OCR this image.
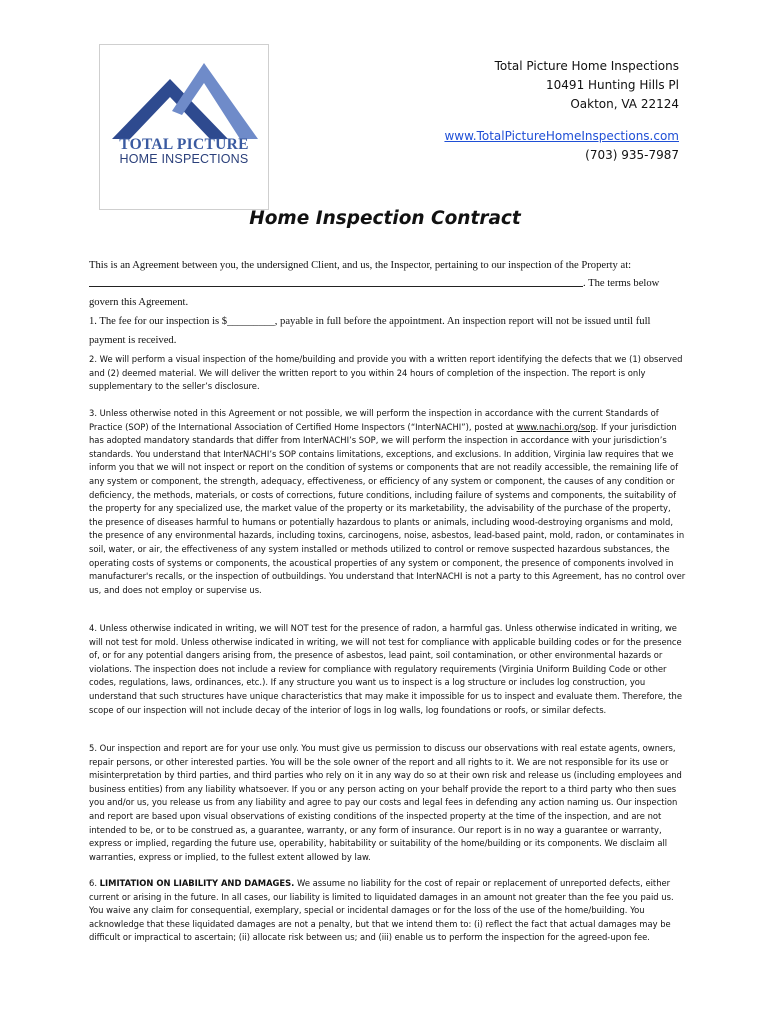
TOTAL PICTURE
HOME INSPECTIONS
Total Picture Home Inspections
10491 Hunting Hills Pl
Oakton, VA 22124
www.TotalPictureHomeInspections.com
(703) 935-7987
Home Inspection Contract
This is an Agreement between you, the undersigned Client, and us, the Inspector, pertaining to our inspection of the Property at:
. The terms below
govern this Agreement.
1. The fee for our inspection is $_________, payable in full before the appointment. An inspection report will not be issued until full
payment is received.

2. We will perform a visual inspection of the home/building and provide you with a written report identifying the defects that we (1) observed and (2) deemed material. We will deliver the written report to you within 24 hours of completion of the inspection. The report is only supplementary to the seller’s disclosure.

3. Unless otherwise noted in this Agreement or not possible, we will perform the inspection in accordance with the current Standards of Practice (SOP) of the International Association of Certified Home Inspectors (“InterNACHI”), posted at www.nachi.org/sop. If your jurisdiction has adopted mandatory standards that differ from InterNACHI’s SOP, we will perform the inspection in accordance with your jurisdiction’s standards. You understand that InterNACHI’s SOP contains limitations, exceptions, and exclusions. In addition, Virginia law requires that we inform you that we will not inspect or report on the condition of systems or components that are not readily accessible, the remaining life of any system or component, the strength, adequacy, effectiveness, or efficiency of any system or component, the causes of any condition or deficiency, the methods, materials, or costs of corrections, future conditions, including failure of systems and components, the suitability of the property for any specialized use, the market value of the property or its marketability, the advisability of the purchase of the property, the presence of diseases harmful to humans or potentially hazardous to plants or animals, including wood-destroying organisms and mold, the presence of any environmental hazards, including toxins, carcinogens, noise, asbestos, lead-based paint, mold, radon, or contaminates in soil, water, or air, the effectiveness of any system installed or methods utilized to control or remove suspected hazardous substances, the operating costs of systems or components, the acoustical properties of any system or component, the presence of components involved in manufacturer's recalls, or the inspection of outbuildings. You understand that InterNACHI is not a party to this Agreement, has no control over us, and does not employ or supervise us.

4. Unless otherwise indicated in writing, we will NOT test for the presence of radon, a harmful gas. Unless otherwise indicated in writing, we will not test for mold. Unless otherwise indicated in writing, we will not test for compliance with applicable building codes or for the presence of, or for any potential dangers arising from, the presence of asbestos, lead paint, soil contamination, or other environmental hazards or violations. The inspection does not include a review for compliance with regulatory requirements (Virginia Uniform Building Code or other codes, regulations, laws, ordinances, etc.). If any structure you want us to inspect is a log structure or includes log construction, you understand that such structures have unique characteristics that may make it impossible for us to inspect and evaluate them. Therefore, the scope of our inspection will not include decay of the interior of logs in log walls, log foundations or roofs, or similar defects.

5. Our inspection and report are for your use only. You must give us permission to discuss our observations with real estate agents, owners, repair persons, or other interested parties. You will be the sole owner of the report and all rights to it. We are not responsible for its use or misinterpretation by third parties, and third parties who rely on it in any way do so at their own risk and release us (including employees and business entities) from any liability whatsoever. If you or any person acting on your behalf provide the report to a third party who then sues you and/or us, you release us from any liability and agree to pay our costs and legal fees in defending any action naming us. Our inspection and report are based upon visual observations of existing conditions of the inspected property at the time of the inspection, and are not intended to be, or to be construed as, a guarantee, warranty, or any form of insurance. Our report is in no way a guarantee or warranty, express or implied, regarding the future use, operability, habitability or suitability of the home/building or its components. We disclaim all warranties, express or implied, to the fullest extent allowed by law.

6. LIMITATION ON LIABILITY AND DAMAGES. We assume no liability for the cost of repair or replacement of unreported defects, either current or arising in the future. In all cases, our liability is limited to liquidated damages in an amount not greater than the fee you paid us. You waive any claim for consequential, exemplary, special or incidental damages or for the loss of the use of the home/building. You acknowledge that these liquidated damages are not a penalty, but that we intend them to: (i) reflect the fact that actual damages may be difficult or impractical to ascertain; (ii) allocate risk between us; and (iii) enable us to perform the inspection for the agreed-upon fee.
